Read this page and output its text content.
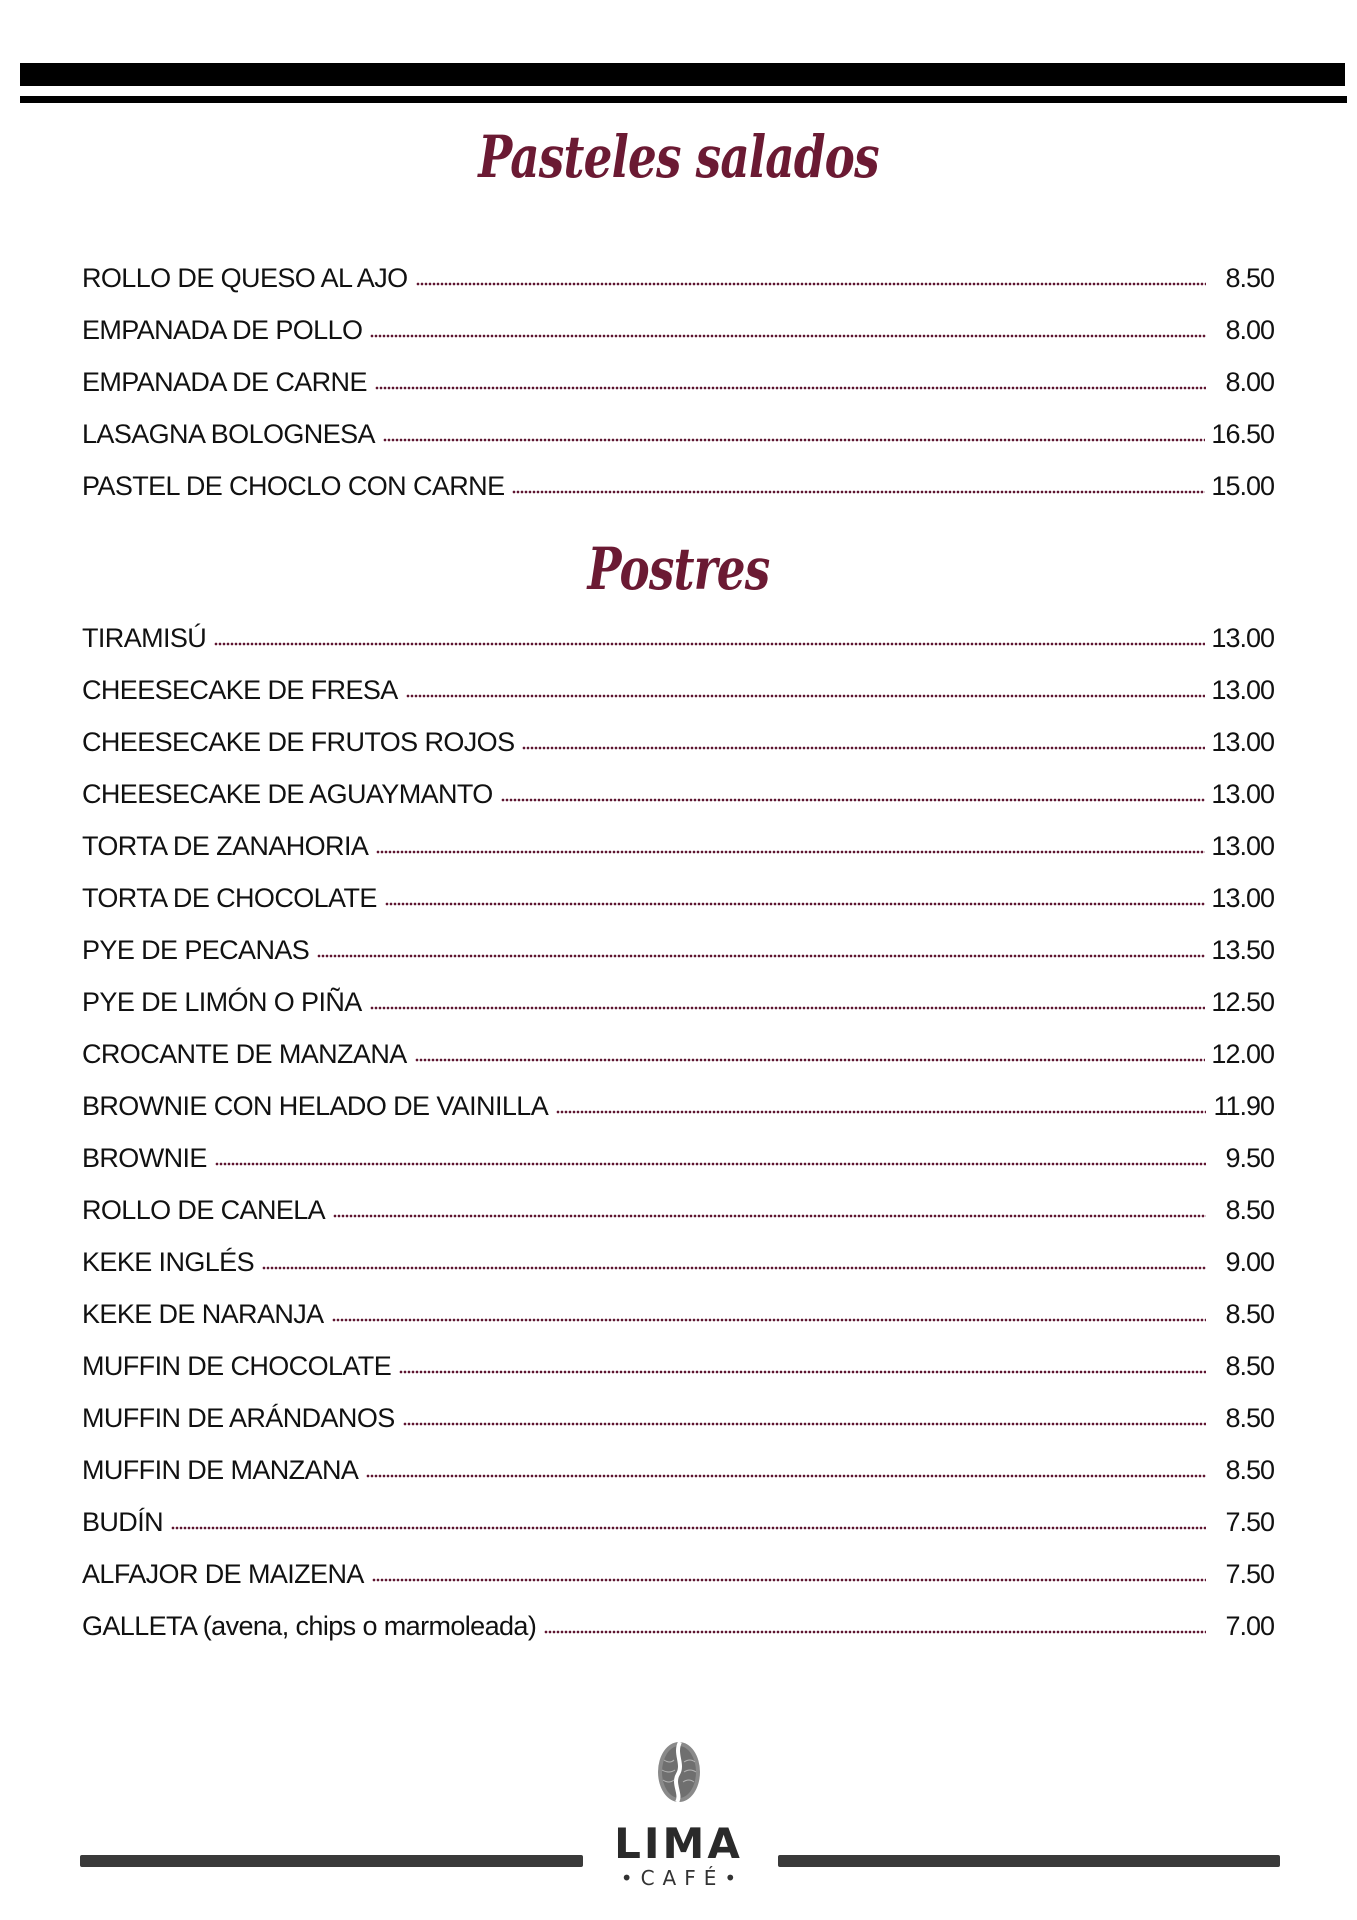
Pasteles salados
ROLLO DE QUESO AL AJO	8.50
EMPANADA DE POLLO	8.00
EMPANADA DE CARNE	8.00
LASAGNA BOLOGNESA	16.50
PASTEL DE CHOCLO CON CARNE	15.00
Postres
TIRAMISÚ	13.00
CHEESECAKE DE FRESA	13.00
CHEESECAKE DE FRUTOS ROJOS	13.00
CHEESECAKE DE AGUAYMANTO	13.00
TORTA DE ZANAHORIA	13.00
TORTA DE CHOCOLATE	13.00
PYE DE PECANAS	13.50
PYE DE LIMÓN O PIÑA	12.50
CROCANTE DE MANZANA	12.00
BROWNIE CON HELADO DE VAINILLA	11.90
BROWNIE	9.50
ROLLO DE CANELA	8.50
KEKE INGLÉS	9.00
KEKE DE NARANJA	8.50
MUFFIN DE CHOCOLATE	8.50
MUFFIN DE ARÁNDANOS	8.50
MUFFIN DE MANZANA	8.50
BUDÍN	7.50
ALFAJOR DE MAIZENA	7.50
GALLETA (avena, chips o marmoleada)	7.00
LIMA
•CAFÉ•
